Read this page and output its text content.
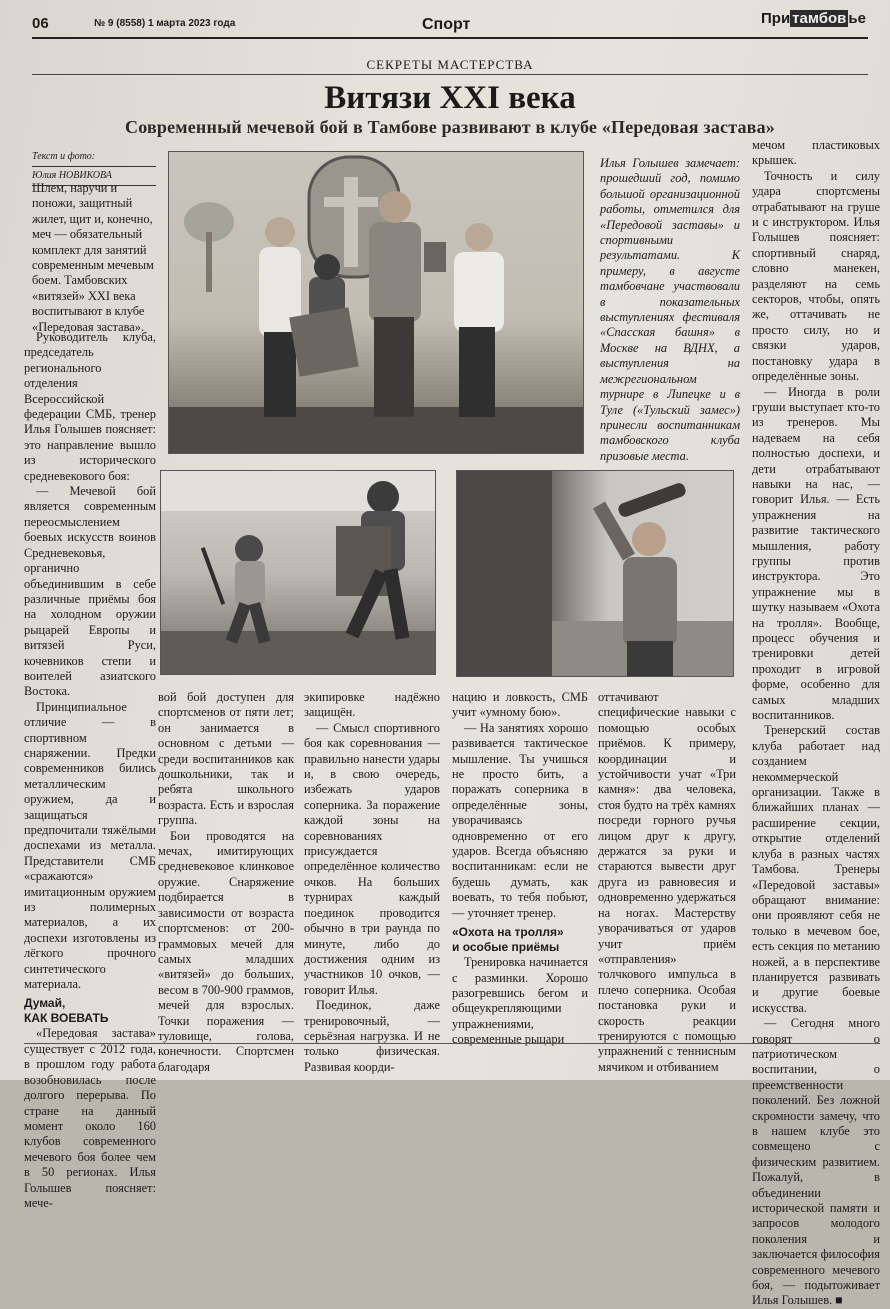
06	№ 9 (8558) 1 марта 2023 года	Спорт	При тамбов ье
СЕКРЕТЫ МАСТЕРСТВА
Витязи XXI века
Современный мечевой бой в Тамбове развивают в клубе «Передовая застава»
Текст и фото:
Юлия НОВИКОВА
Шлем, наручи и поножи, защитный жилет, щит и, конечно, меч — обязательный комплект для занятий современным мечевым боем. Тамбовских «витязей» XXI века воспитывают в клубе «Передовая застава».

Руководитель клуба, председатель регионального отделения Всероссийской федерации СМБ, тренер Илья Голышев поясняет: это направление вышло из исторического средневекового боя:

— Мечевой бой является современным переосмыслением боевых искусств воинов Средневековья, органично объединившим в себе различные приёмы боя на холодном оружии рыцарей Европы и витязей Руси, кочевников степи и воителей азиатского Востока.

Принципиальное отличие — в спортивном снаряжении. Предки современников бились металлическим оружием, да и защищаться предпочитали тяжёлыми доспехами из металла. Представители СМБ «сражаются» имитационным оружием из полимерных материалов, а их доспехи изготовлены из лёгкого прочного синтетического материала.

Думай,
КАК ВОЕВАТЬ

«Передовая застава» существует с 2012 года, в прошлом году работа возобновилась после долгого перерыва. По стране на данный момент около 160 клубов современного мечевого боя более чем в 50 регионах. Илья Голышев поясняет: мече-

Илья Голышев замечает: прошедший год, помимо большой организационной работы, отметился для «Передовой заставы» и спортивными результатами. К примеру, в августе тамбовчане участвовали в показательных выступлениях фестиваля «Спасская башня» в Москве на ВДНХ, а выступления на межрегиональном турнире в Липецке и в Туле («Тульский замес») принесли воспитанникам тамбовского клуба призовые места.

вой бой доступен для спортсменов от пяти лет; он занимается в основном с детьми — среди воспитанников как дошкольники, так и ребята школьного возраста. Есть и взрослая группа.

Бои проводятся на мечах, имитирующих средневековое клинковое оружие. Снаряжение подбирается в зависимости от возраста спортсменов: от 200-граммовых мечей для самых младших «витязей» до больших, весом в 700-900 граммов, мечей для взрослых. Точки поражения — туловище, голова, конечности. Спортсмен благодаря

экипировке надёжно защищён.

— Смысл спортивного боя как соревнования — правильно нанести удары и, в свою очередь, избежать ударов соперника. За поражение каждой зоны на соревнованиях присуждается определённое количество очков. На больших турнирах каждый поединок проводится обычно в три раунда по минуте, либо до достижения одним из участников 10 очков, — говорит Илья.

Поединок, даже тренировочный, — серьёзная нагрузка. И не только физическая. Развивая коорди-

нацию и ловкость, СМБ учит «умному бою».

— На занятиях хорошо развивается тактическое мышление. Ты учишься не просто бить, а поражать соперника в определённые зоны, уворачиваясь одновременно от его ударов. Всегда объясняю воспитанникам: если не будешь думать, как воевать, то тебя побьют, — уточняет тренер.

«Охота на тролля»
и особые приёмы

Тренировка начинается с разминки. Хорошо разогревшись бегом и общеукрепляющими упражнениями, современные рыцари

оттачивают специфические навыки с помощью особых приёмов. К примеру, координации и устойчивости учат «Три камня»: два человека, стоя будто на трёх камнях посреди горного ручья лицом друг к другу, держатся за руки и стараются вывести друг друга из равновесия и одновременно удержаться на ногах. Мастерству уворачиваться от ударов учит приём «отправления» толчкового импульса в плечо соперника. Особая постановка руки и скорость реакции тренируются с помощью упражнений с теннисным мячиком и отбиванием

мечом пластиковых крышек.

Точность и силу удара спортсмены отрабатывают на груше и с инструктором. Илья Голышев поясняет: спортивный снаряд, словно манекен, разделяют на семь секторов, чтобы, опять же, оттачивать не просто силу, но и связки ударов, постановку удара в определённые зоны.

— Иногда в роли груши выступает кто-то из тренеров. Мы надеваем на себя полностью доспехи, и дети отрабатывают навыки на нас, — говорит Илья. — Есть упражнения на развитие тактического мышления, работу группы против инструктора. Это упражнение мы в шутку называем «Охота на тролля». Вообще, процесс обучения и тренировки детей проходит в игровой форме, особенно для самых младших воспитанников.

Тренерский состав клуба работает над созданием некоммерческой организации. Также в ближайших планах — расширение секции, открытие отделений клуба в разных частях Тамбова. Тренеры «Передовой заставы» обращают внимание: они проявляют себя не только в мечевом бое, есть секция по метанию ножей, а в перспективе планируется развивать и другие боевые искусства.

— Сегодня много говорят о патриотическом воспитании, о преемственности поколений. Без ложной скромности замечу, что в нашем клубе это совмещено с физическим развитием. Пожалуй, в объединении исторической памяти и запросов молодого поколения и заключается философия современного мечевого боя, — подытоживает Илья Голышев. ■
